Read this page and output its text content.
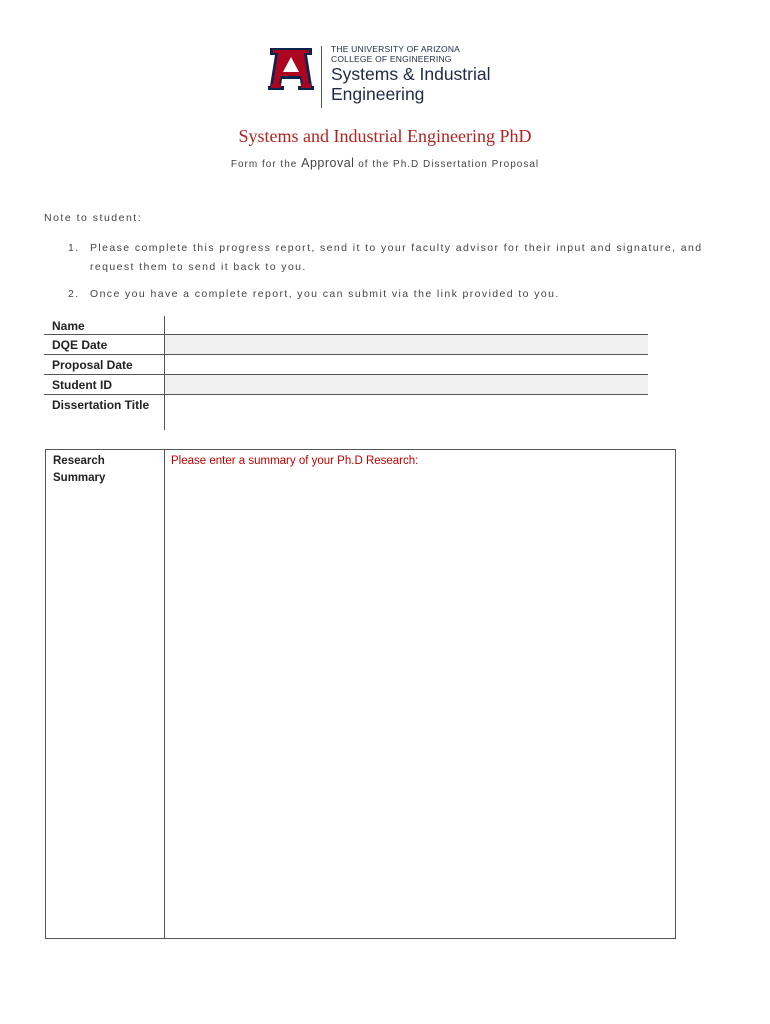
THE UNIVERSITY OF ARIZONA
COLLEGE OF ENGINEERING
Systems & Industrial
Engineering
Systems and Industrial Engineering PhD
Form for the Approval of the Ph.D Dissertation Proposal
Note to student:
1. Please complete this progress report, send it to your faculty advisor for their input and signature, and request them to send it back to you.
2. Once you have a complete report, you can submit via the link provided to you.
Name
DQE Date
Proposal Date
Student ID
Dissertation Title
Research Summary
Please enter a summary of your Ph.D Research:
